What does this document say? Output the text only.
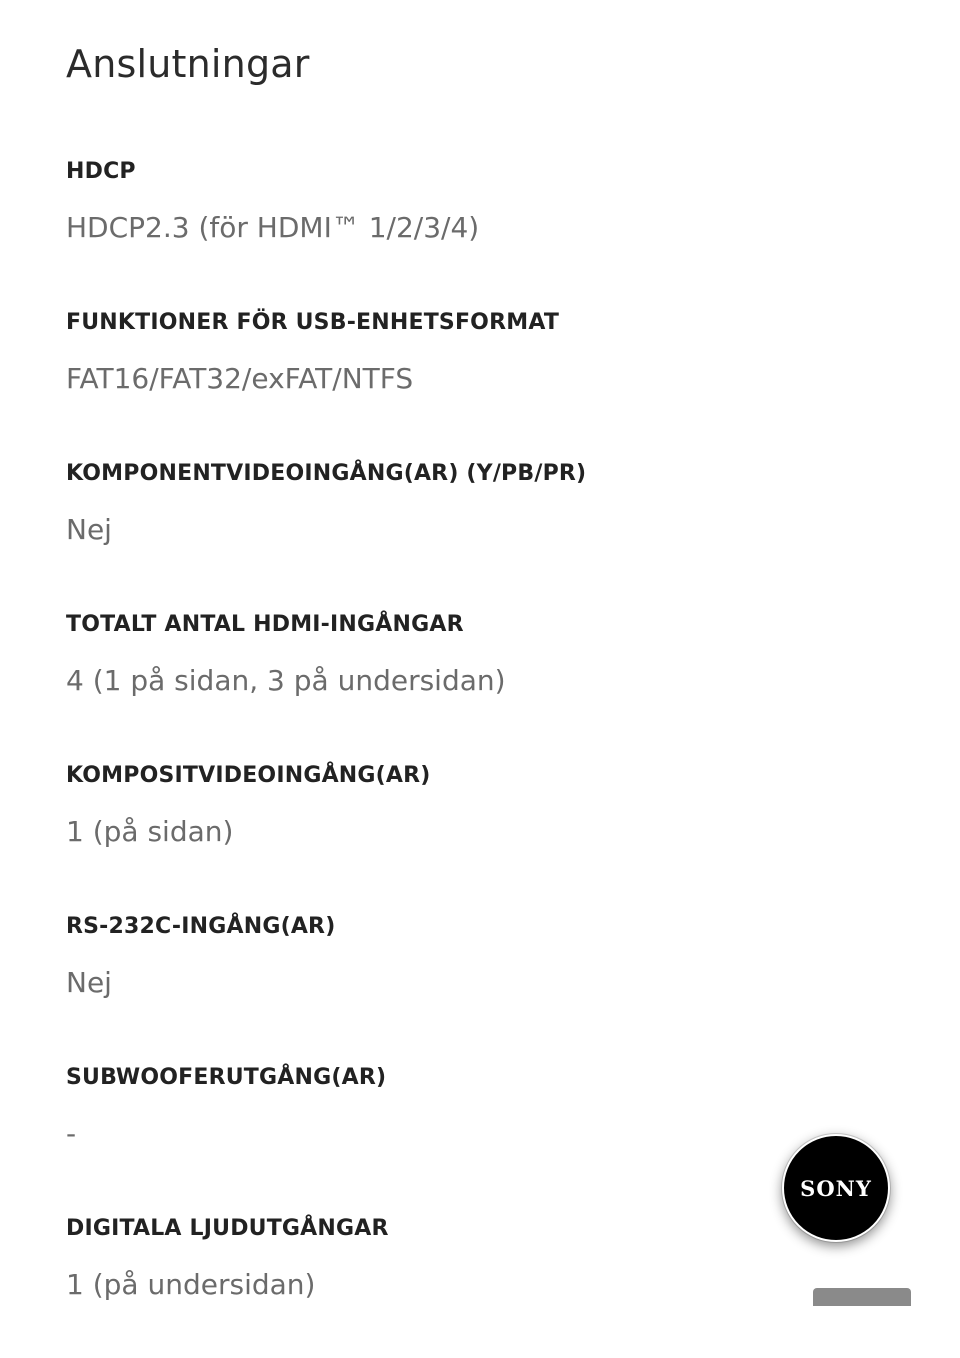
Anslutningar
HDCP
HDCP2.3 (för HDMI™ 1/2/3/4)
FUNKTIONER FÖR USB-ENHETSFORMAT
FAT16/FAT32/exFAT/NTFS
KOMPONENTVIDEOINGÅNG(AR) (Y/PB/PR)
Nej
TOTALT ANTAL HDMI-INGÅNGAR
4 (1 på sidan, 3 på undersidan)
KOMPOSITVIDEOINGÅNG(AR)
1 (på sidan)
RS-232C-INGÅNG(AR)
Nej
SUBWOOFERUTGÅNG(AR)
-
DIGITALA LJUDUTGÅNGAR
1 (på undersidan)
SONY
